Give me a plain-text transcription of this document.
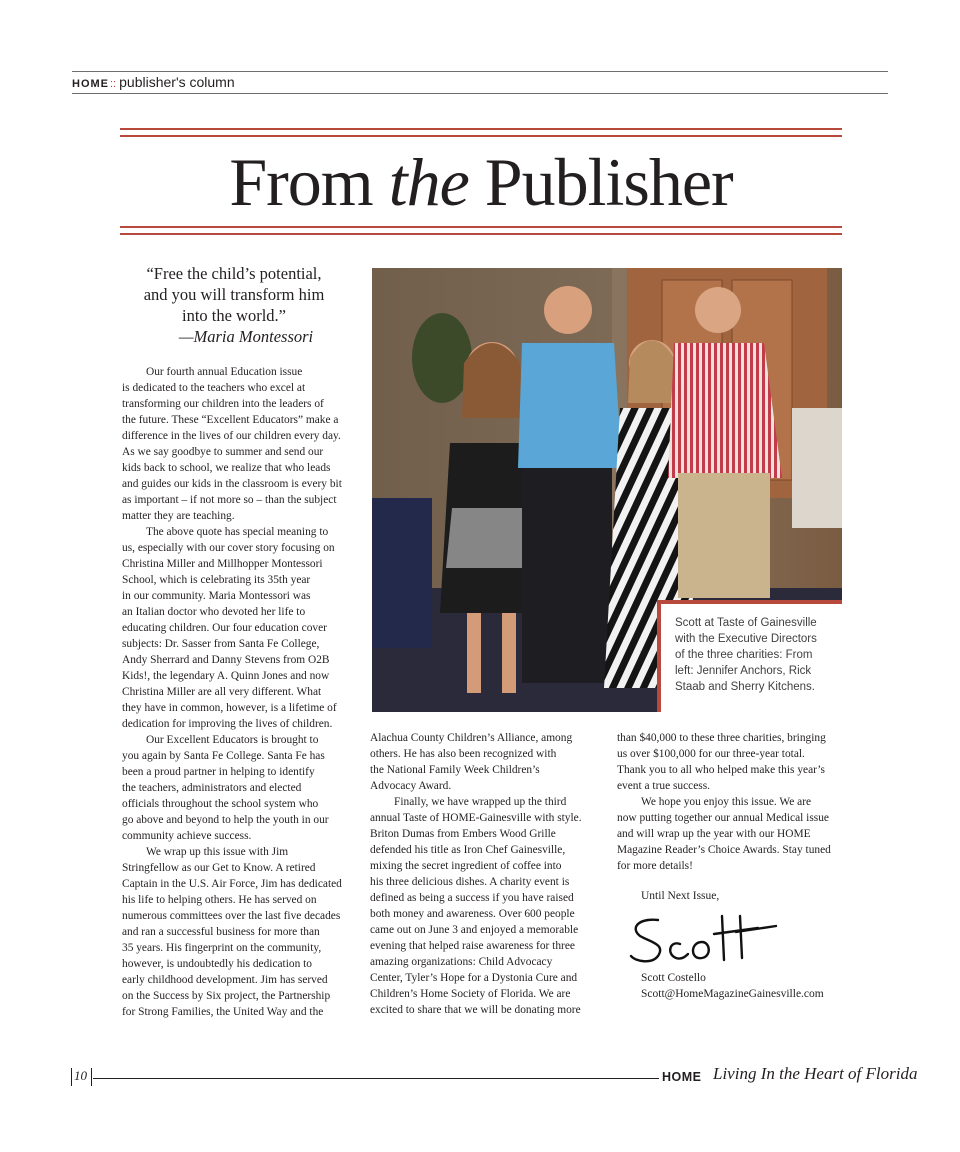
HOME:: publisher's column
From the Publisher
“Free the child’s potential,
and you will transform him
into the world.”
—Maria Montessori
Our fourth annual Education issue
is dedicated to the teachers who excel at
transforming our children into the leaders of
the future. These “Excellent Educators” make a
difference in the lives of our children every day.
As we say goodbye to summer and send our
kids back to school, we realize that who leads
and guides our kids in the classroom is every bit
as important – if not more so – than the subject
matter they are teaching.
The above quote has special meaning to
us, especially with our cover story focusing on
Christina Miller and Millhopper Montessori
School, which is celebrating its 35th year
in our community. Maria Montessori was
an Italian doctor who devoted her life to
educating children. Our four education cover
subjects: Dr. Sasser from Santa Fe College,
Andy Sherrard and Danny Stevens from O2B
Kids!, the legendary A. Quinn Jones and now
Christina Miller are all very different. What
they have in common, however, is a lifetime of
dedication for improving the lives of children.
Our Excellent Educators is brought to
you again by Santa Fe College. Santa Fe has
been a proud partner in helping to identify
the teachers, administrators and elected
officials throughout the school system who
go above and beyond to help the youth in our
community achieve success.
We wrap up this issue with Jim
Stringfellow as our Get to Know. A retired
Captain in the U.S. Air Force, Jim has dedicated
his life to helping others. He has served on
numerous committees over the last five decades
and ran a successful business for more than
35 years. His fingerprint on the community,
however, is undoubtedly his dedication to
early childhood development. Jim has served
on the Success by Six project, the Partnership
for Strong Families, the United Way and the
Alachua County Children’s Alliance, among
others. He has also been recognized with
the National Family Week Children’s
Advocacy Award.
Finally, we have wrapped up the third
annual Taste of HOME-Gainesville with style.
Briton Dumas from Embers Wood Grille
defended his title as Iron Chef Gainesville,
mixing the secret ingredient of coffee into
his three delicious dishes. A charity event is
defined as being a success if you have raised
both money and awareness. Over 600 people
came out on June 3 and enjoyed a memorable
evening that helped raise awareness for three
amazing organizations: Child Advocacy
Center, Tyler’s Hope for a Dystonia Cure and
Children’s Home Society of Florida. We are
excited to share that we will be donating more
than $40,000 to these three charities, bringing
us over $100,000 for our three-year total.
Thank you to all who helped make this year’s
event a true success.
We hope you enjoy this issue. We are
now putting together our annual Medical issue
and will wrap up the year with our HOME
Magazine Reader’s Choice Awards. Stay tuned
for more details!
Scott at Taste of Gainesville
with the Executive Directors
of the three charities: From
left: Jennifer Anchors, Rick
Staab and Sherry Kitchens.
Until Next Issue,
Scott Costello
Scott@HomeMagazineGainesville.com
10	HOME Living In the Heart of Florida
